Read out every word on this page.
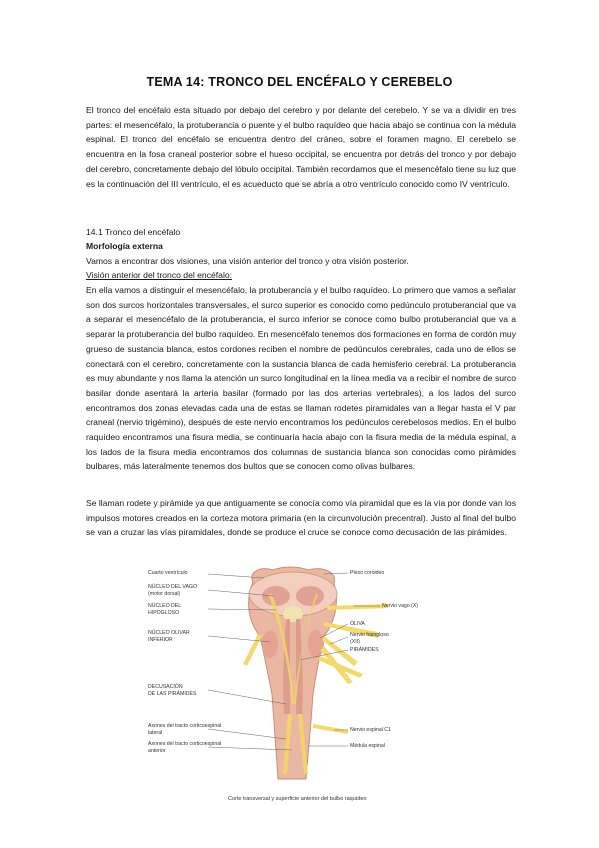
TEMA 14: TRONCO DEL ENCÉFALO Y CEREBELO
El tronco del encéfalo esta situado por debajo del cerebro y por delante del cerebelo. Y se va a dividir en tres partes: el mesencéfalo, la protuberancia o puente y el bulbo raquídeo que hacia abajo se continua con la médula espinal. El tronco del encéfalo se encuentra dentro del cráneo, sobre el foramen magno. El cerebelo se encuentra en la fosa craneal posterior sobre el hueso occipital, se encuentra por detrás del tronco y por debajo del cerebro, concretamente debajo del lóbulo occipital. También recordamos que el mesencéfalo tiene su luz que es la continuación del III ventrículo, el es acueducto que se abría a otro ventrículo conocido como IV ventrículo.
14.1 Tronco del encéfalo
Morfología externa
Vamos a encontrar dos visiones, una visión anterior del tronco y otra visión posterior.
Visión anterior del tronco del encéfalo:
En ella vamos a distinguir el mesencéfalo, la protuberancia y el bulbo raquídeo. Lo primero que vamos a señalar son dos surcos horizontales transversales, el surco superior es conocido como pedúnculo protuberancial que va a separar el mesencéfalo de la protuberancia, el surco inferior se conoce como bulbo protuberancial que va a separar la protuberancia del bulbo raquídeo. En mesencéfalo tenemos dos formaciones en forma de cordón muy grueso de sustancia blanca, estos cordones reciben el nombre de pedúnculos cerebrales, cada uno de ellos se conectará con el cerebro, concretamente con la sustancia blanca de cada hemisferio cerebral. La protuberancia es muy abundante y nos llama la atención un surco longitudinal en la línea media va a recibir el nombre de surco basilar donde asentará la arteria basilar (formado por las dos arterias vertebrales), a los lados del surco encontramos dos zonas elevadas cada una de estas se llaman rodetes piramidales van a llegar hasta el V par craneal (nervio trigémino), después de este nervio encontramos los pedúnculos cerebelosos medios. En el bulbo raquídeo encontramos una fisura media, se continuaría hacia abajo con la fisura media de la médula espinal, a los lados de la fisura media encontramos dos columnas de sustancia blanca son conocidas como pirámides bulbares, más lateralmente tenemos dos bultos que se conocen como olivas bulbares.
Se llaman rodete y pirámide ya que antiguamente se conocía como vía piramidal que es la vía por donde van los impulsos motores creados en la corteza motora primaria (en la circunvolución precentral). Justo al final del bulbo se van a cruzar las vías piramidales, donde se produce el cruce se conoce como decusación de las pirámides.
Cuarto ventrículo
NÚCLEO DEL VAGO
(motor dorsal)
NÚCLEO DEL
HIPOGLOSO
NÚCLEO OLIVAR
INFERIOR
DECUSACIÓN
DE LAS PIRÁMIDES
Axones del tracto corticoespinal
lateral
Axones del tracto corticoespinal
anterior
Plexo coroideo
Nervio vago (X)
OLIVA
Nervio hipogloso
(XII)
PIRÁMIDES
Nervio espinal C1
Médula espinal
Corte transversal y superficie anterior del bulbo raquídeo
